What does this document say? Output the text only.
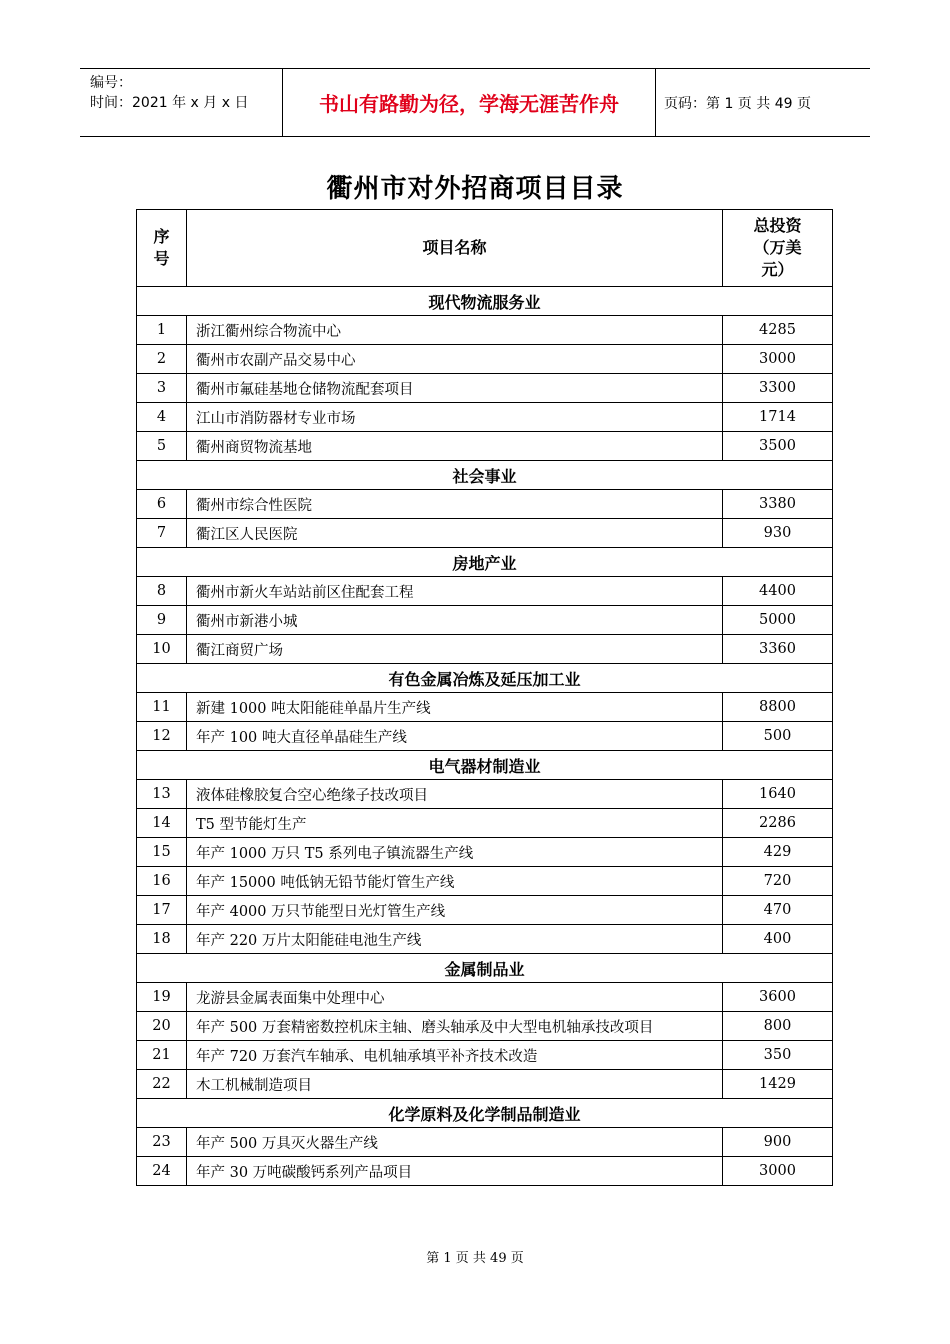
编号：
时间：2021 年 x 月 x 日	书山有路勤为径，学海无涯苦作舟	页码：第 1 页 共 49 页
衢州市对外招商项目目录
序号	项目名称	总投资（万美元）

现代物流服务业		
1	浙江衢州综合物流中心	4285
2	衢州市农副产品交易中心	3000
3	衢州市氟硅基地仓储物流配套项目	3300
4	江山市消防器材专业市场	1714
5	衢州商贸物流基地	3500
社会事业		
6	衢州市综合性医院	3380
7	衢江区人民医院	930
房地产业		
8	衢州市新火车站站前区住配套工程	4400
9	衢州市新港小城	5000
10	衢江商贸广场	3360
有色金属冶炼及延压加工业		
11	新建 1000 吨太阳能硅单晶片生产线	8800
12	年产 100 吨大直径单晶硅生产线	500
电气器材制造业		
13	液体硅橡胶复合空心绝缘子技改项目	1640
14	T5 型节能灯生产	2286
15	年产 1000 万只 T5 系列电子镇流器生产线	429
16	年产 15000 吨低钠无铅节能灯管生产线	720
17	年产 4000 万只节能型日光灯管生产线	470
18	年产 220 万片太阳能硅电池生产线	400
金属制品业		
19	龙游县金属表面集中处理中心	3600
20	年产 500 万套精密数控机床主轴、磨头轴承及中大型电机轴承技改项目	800
21	年产 720 万套汽车轴承、电机轴承填平补齐技术改造	350
22	木工机械制造项目	1429
化学原料及化学制品制造业		
23	年产 500 万具灭火器生产线	900
24	年产 30 万吨碳酸钙系列产品项目	3000
第 1 页 共 49 页
